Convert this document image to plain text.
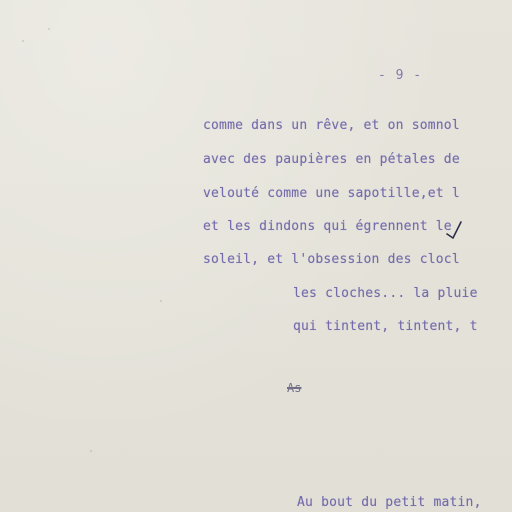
- 9 -
comme dans un rêve, et on somnol
avec des paupières en pétales de
velouté comme une sapotille,et l
et les dindons qui égrennent le
soleil, et l'obsession des clocl
les cloches... la pluie
qui tintent, tintent, t
As
Au bout du petit matin,
